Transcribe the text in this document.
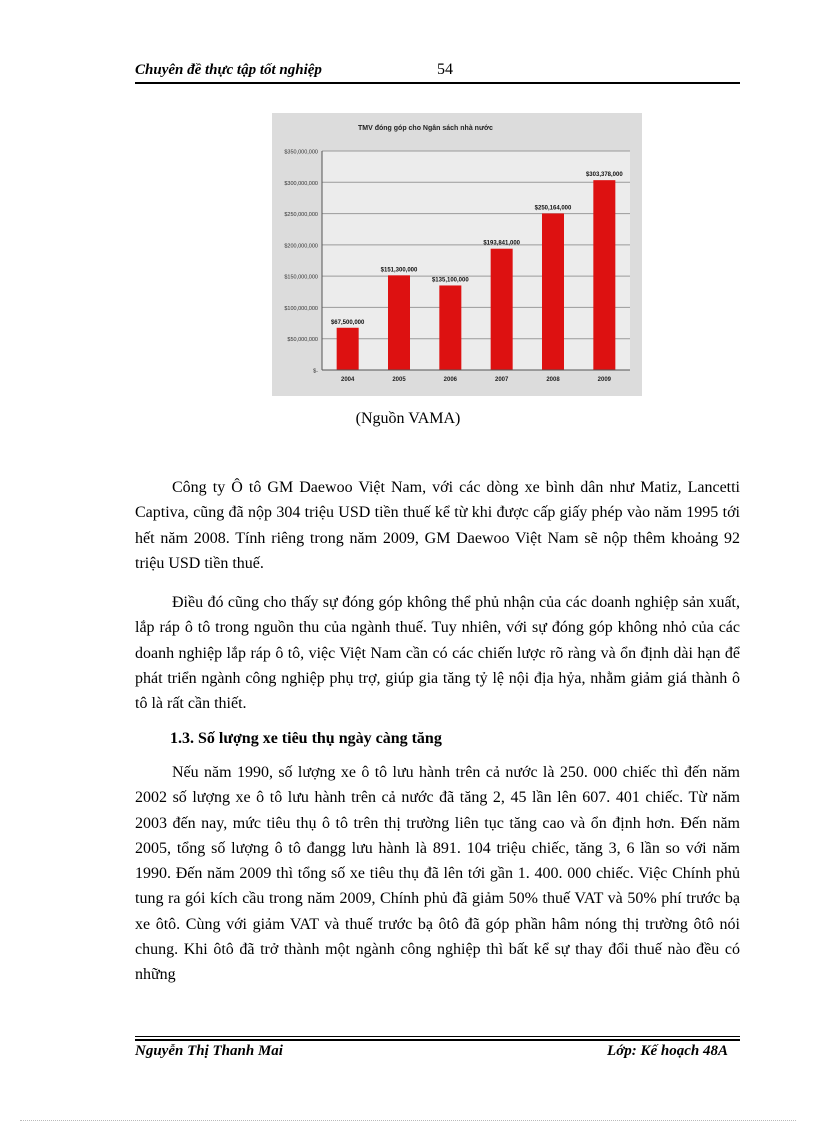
Chuyên đề thực tập tốt nghiệp	54
TMV đóng góp cho Ngân sách nhà nước
$67,500,000
$151,300,000
$135,100,000
$193,841,000
$250,164,000
$303,378,000
$-
$50,000,000
$100,000,000
$150,000,000
$200,000,000
$250,000,000
$300,000,000
$350,000,000
2004	2005	2006	2007	2008	2009
(Nguồn VAMA)

Công ty Ô tô GM Daewoo Việt Nam, với các dòng xe bình dân như Matiz, Lancetti Captiva, cũng đã nộp 304 triệu USD tiền thuế kể từ khi được cấp giấy phép vào năm 1995 tới hết năm 2008. Tính riêng trong năm 2009, GM Daewoo Việt Nam sẽ nộp thêm khoảng 92 triệu USD tiền thuế.

Điều đó cũng cho thấy sự đóng góp không thể phủ nhận của các doanh nghiệp sản xuất, lắp ráp ô tô trong nguồn thu của ngành thuế. Tuy nhiên, với sự đóng góp không nhỏ của các doanh nghiệp lắp ráp ô tô, việc Việt Nam cần có các chiến lược rõ ràng và ổn định dài hạn để phát triển ngành công nghiệp phụ trợ, giúp gia tăng tỷ lệ nội địa hỷa, nhằm giảm giá thành ô tô là rất cần thiết.

1.3. Số lượng xe tiêu thụ ngày càng tăng

Nếu năm 1990, số lượng xe ô tô lưu hành trên cả nước là 250. 000 chiếc thì đến năm 2002 số lượng xe ô tô lưu hành trên cả nước đã tăng 2, 45 lần lên 607. 401 chiếc. Từ năm 2003 đến nay, mức tiêu thụ ô tô trên thị trường liên tục tăng cao và ổn định hơn. Đến năm 2005, tổng số lượng ô tô đangg lưu hành là 891. 104 triệu chiếc, tăng 3, 6 lần so với năm 1990. Đến năm 2009 thì tổng số xe tiêu thụ đã lên tới gần 1. 400. 000 chiếc. Việc Chính phủ tung ra gói kích cầu trong năm 2009, Chính phủ đã giảm 50% thuế VAT và 50% phí trước bạ xe ôtô. Cùng với giảm VAT và thuế trước bạ ôtô đã góp phần hâm nóng thị trường ôtô nói chung. Khi ôtô đã trở thành một ngành công nghiệp thì bất kể sự thay đổi thuế nào đều có những

Nguyễn Thị Thanh Mai	Lớp: Kế hoạch 48A
